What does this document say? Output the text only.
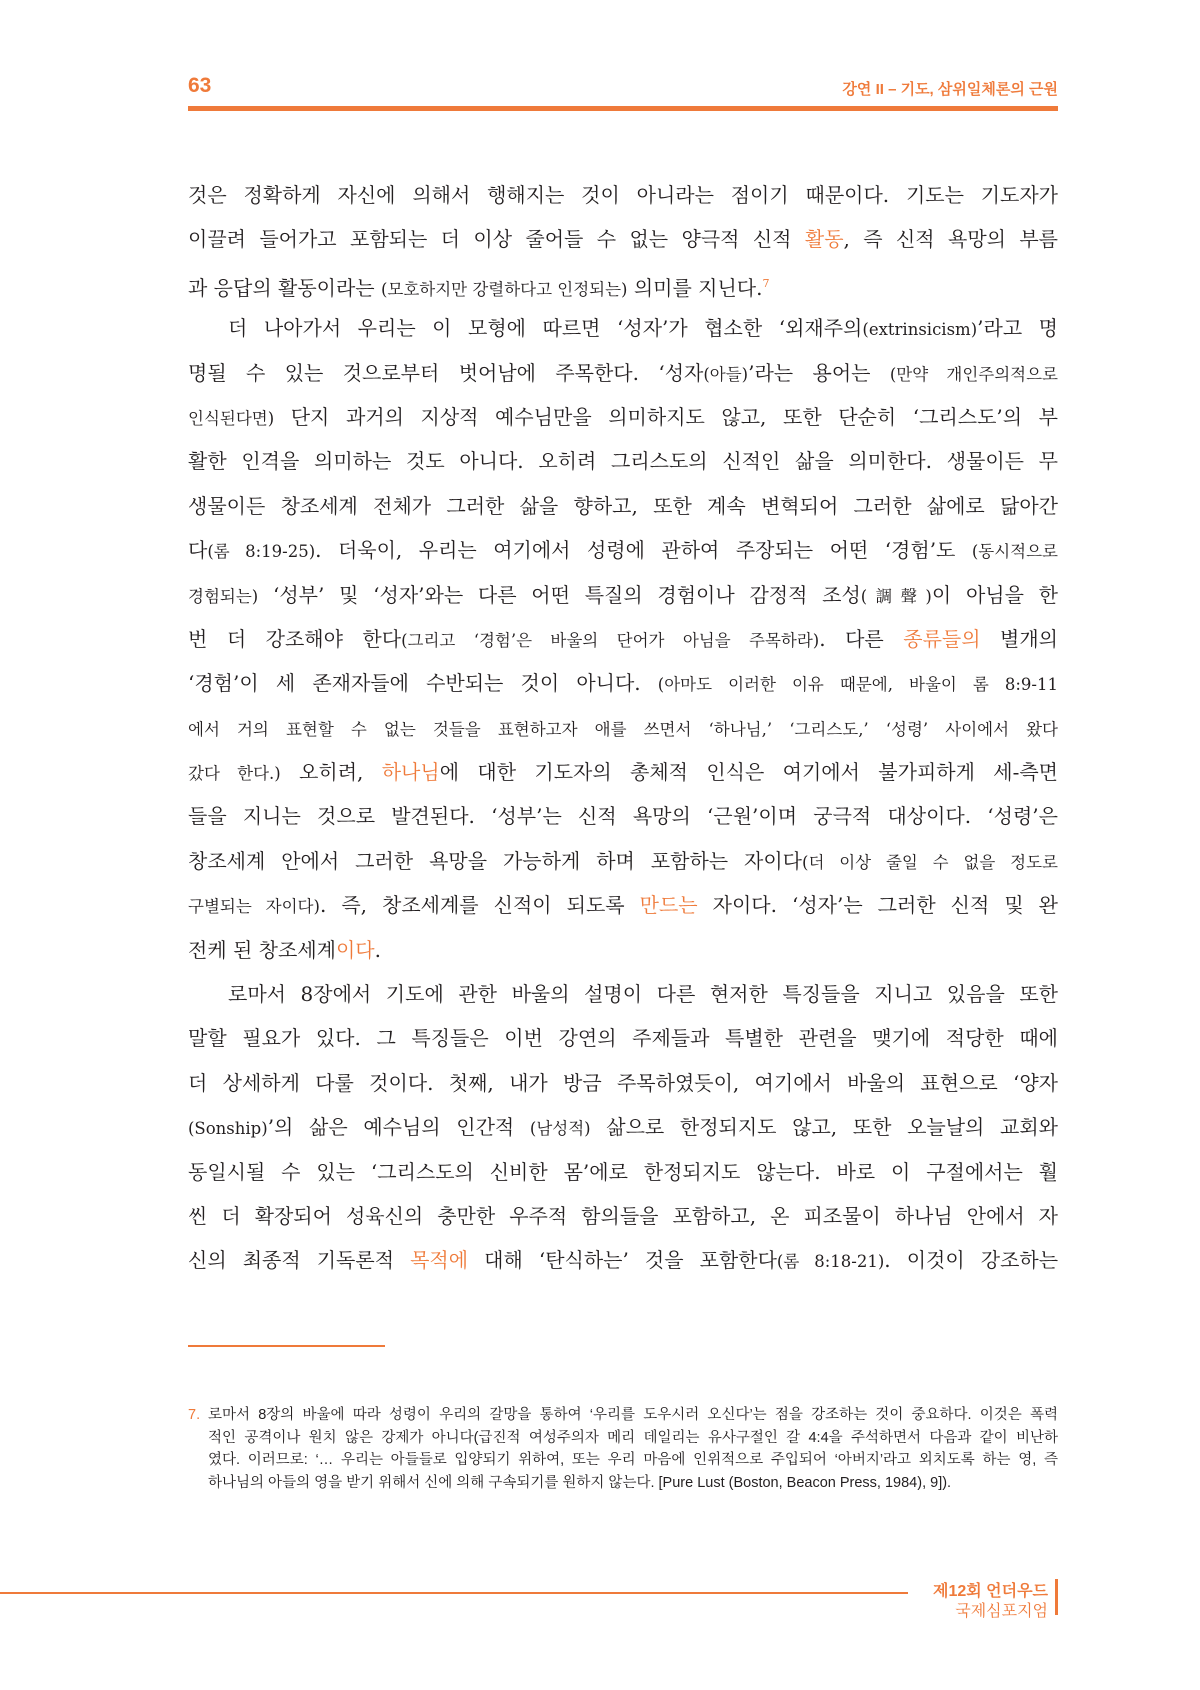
63	강연 II – 기도, 삼위일체론의 근원
것은 정확하게 자신에 의해서 행해지는 것이 아니라는 점이기 때문이다. 기도는 기도자가
이끌려 들어가고 포함되는 더 이상 줄어들 수 없는 양극적 신적 활동, 즉 신적 욕망의 부름
과 응답의 활동이라는 (모호하지만 강렬하다고 인정되는) 의미를 지닌다.$^7$
더 나아가서 우리는 이 모형에 따르면 ‘성자’가 협소한 ‘외재주의(extrinsicism)’라고 명
명될 수 있는 것으로부터 벗어남에 주목한다. ‘성자(아들)’라는 용어는 (만약 개인주의적으로
인식된다면) 단지 과거의 지상적 예수님만을 의미하지도 않고, 또한 단순히 ‘그리스도’의 부
활한 인격을 의미하는 것도 아니다. 오히려 그리스도의 신적인 삶을 의미한다. 생물이든 무
생물이든 창조세계 전체가 그러한 삶을 향하고, 또한 계속 변혁되어 그러한 삶에로 닮아간
다(롬 8:19-25). 더욱이, 우리는 여기에서 성령에 관하여 주장되는 어떤 ‘경험’도 (동시적으로
경험되는) ‘성부’ 및 ‘성자’와는 다른 어떤 특질의 경험이나 감정적 조성(調聲)이 아님을 한
번 더 강조해야 한다(그리고 ‘경험’은 바울의 단어가 아님을 주목하라). 다른 종류들의 별개의
‘경험’이 세 존재자들에 수반되는 것이 아니다. (아마도 이러한 이유 때문에, 바울이 롬 8:9-11
에서 거의 표현할 수 없는 것들을 표현하고자 애를 쓰면서 ‘하나님,’ ‘그리스도,’ ‘성령’ 사이에서 왔다
갔다 한다.) 오히려, 하나님에 대한 기도자의 총체적 인식은 여기에서 불가피하게 세-측면
들을 지니는 것으로 발견된다. ‘성부’는 신적 욕망의 ‘근원’이며 궁극적 대상이다. ‘성령’은
창조세계 안에서 그러한 욕망을 가능하게 하며 포함하는 자이다(더 이상 줄일 수 없을 정도로
구별되는 자이다). 즉, 창조세계를 신적이 되도록 만드는 자이다. ‘성자’는 그러한 신적 및 완
전케 된 창조세계이다.
로마서 8장에서 기도에 관한 바울의 설명이 다른 현저한 특징들을 지니고 있음을 또한
말할 필요가 있다. 그 특징들은 이번 강연의 주제들과 특별한 관련을 맺기에 적당한 때에
더 상세하게 다룰 것이다. 첫째, 내가 방금 주목하였듯이, 여기에서 바울의 표현으로 ‘양자
(Sonship)’의 삶은 예수님의 인간적 (남성적) 삶으로 한정되지도 않고, 또한 오늘날의 교회와
동일시될 수 있는 ‘그리스도의 신비한 몸’에로 한정되지도 않는다. 바로 이 구절에서는 훨
씬 더 확장되어 성육신의 충만한 우주적 함의들을 포함하고, 온 피조물이 하나님 안에서 자
신의 최종적 기독론적 목적에 대해 ‘탄식하는’ 것을 포함한다(롬 8:18-21). 이것이 강조하는
7. 로마서 8장의 바울에 따라 성령이 우리의 갈망을 통하여 ‘우리를 도우시러 오신다’는 점을 강조하는 것이 중요하다. 이것은 폭력
적인 공격이나 원치 않은 강제가 아니다(급진적 여성주의자 메리 데일리는 유사구절인 갈 4:4을 주석하면서 다음과 같이 비난하
였다. 이러므로: ‘… 우리는 아들들로 입양되기 위하여, 또는 우리 마음에 인위적으로 주입되어 ‘아버지’라고 외치도록 하는 영, 즉
하나님의 아들의 영을 받기 위해서 신에 의해 구속되기를 원하지 않는다. [Pure Lust (Boston, Beacon Press, 1984), 9]).
제12회 언더우드
국제심포지엄
